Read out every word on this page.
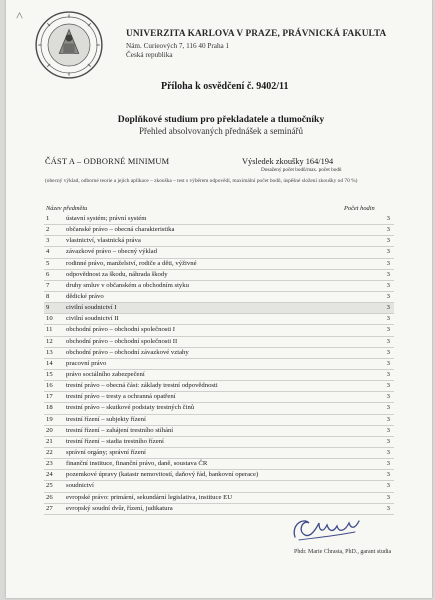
UNIVERZITA KARLOVA V PRAZE, PRÁVNICKÁ FAKULTA
Nám. Curieových 7, 116 40 Praha 1
Česká republika
Příloha k osvědčení č. 9402/11
Doplňkové studium pro překladatele a tlumočníky
Přehled absolvovaných přednášek a seminářů
ČÁST A – ODBORNÉ MINIMUM	Výsledek zkoušky 164/194
Dosažený počet bodů/max. počet bodů
(obecný výklad, odborné teorie a jejich aplikace – zkouška – test s výběrem odpovědí, maximální počet bodů, úspěšné složení zkoušky od 70 %)
Název předmětu	Počet hodin
1	ústavní systém; právní systém	3
2	občanské právo – obecná charakteristika	3
3	vlastnictví, vlastnická práva	3
4	závazkové právo – obecný výklad	3
5	rodinné právo, manželství, rodiče a děti, výživné	3
6	odpovědnost za škodu, náhrada škody	3
7	druhy smluv v občanském a obchodním styku	3
8	dědické právo	3
9	civilní soudnictví I	3
10	civilní soudnictví II	3
11	obchodní právo – obchodní společnosti I	3
12	obchodní právo – obchodní společnosti II	3
13	obchodní právo – obchodní závazkové vztahy	3
14	pracovní právo	3
15	právo sociálního zabezpečení	3
16	trestní právo – obecná část: základy trestní odpovědnosti	3
17	trestní právo – tresty a ochranná opatření	3
18	trestní právo – skutkové podstaty trestných činů	3
19	trestní řízení – subjekty řízení	3
20	trestní řízení – zahájení trestního stíhání	3
21	trestní řízení – stadia trestního řízení	3
22	správní orgány; správní řízení	3
23	finanční instituce, finanční právo, daně, soustava ČR	3
24	pozemkové úpravy (katastr nemovitostí, daňový řád, bankovní operace)	3
25	soudnictví	3
26	evropské právo: primární, sekundární legislativa, instituce EU	3
27	evropský soudní dvůr, řízení, judikatura	3
Phdr. Marie Chrasta, PhD., garant studia
